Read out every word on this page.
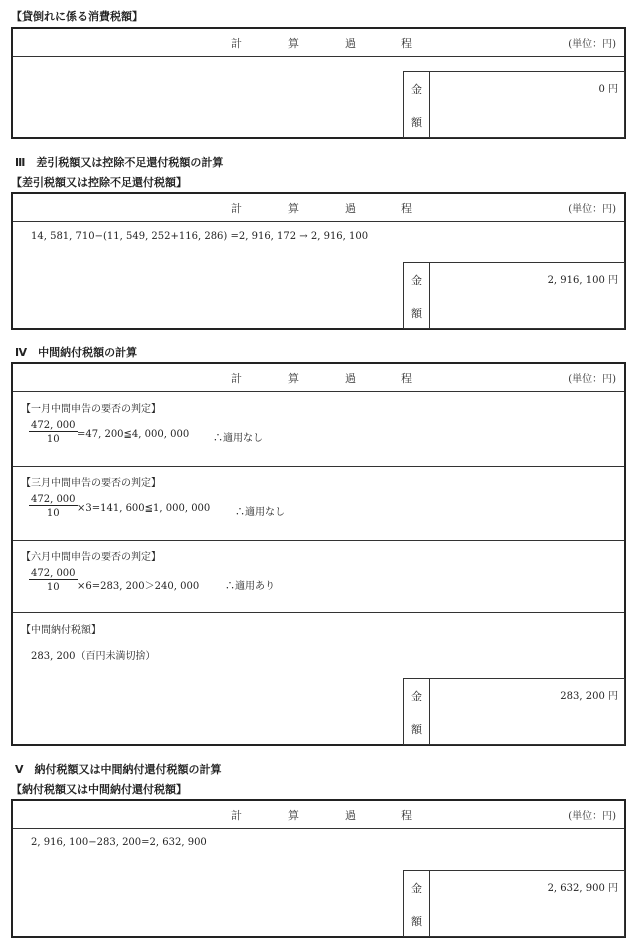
【貸倒れに係る消費税額】
計	算	過	程	(単位：円)
金
額
0 円
Ⅲ　差引税額又は控除不足還付税額の計算
【差引税額又は控除不足還付税額】
計	算	過	程	(単位：円)
14, 581, 710−(11, 549, 252+116, 286) =2, 916, 172 → 2, 916, 100
金
額
2, 916, 100 円
Ⅳ　中間納付税額の計算
計	算	過	程	(単位：円)
【一月中間申告の要否の判定】
$\frac{472, 000}{10} =47$, 200≦4, 000, 000 ∴適用なし
【三月中間申告の要否の判定】
$\frac{472, 000}{10} \times 3=141$, 600≦1, 000, 000 ∴適用なし
【六月中間申告の要否の判定】
$\frac{472, 000}{10} \times 6=283$, 200＞240, 000	∴適用あり
【中間納付税額】
283, 200（百円未満切捨）
金
額
283, 200 円
Ⅴ　納付税額又は中間納付還付税額の計算
【納付税額又は中間納付還付税額】
計	算	過	程	(単位：円)
2, 916, 100−283, 200=2, 632, 900
金
額
2, 632, 900 円
